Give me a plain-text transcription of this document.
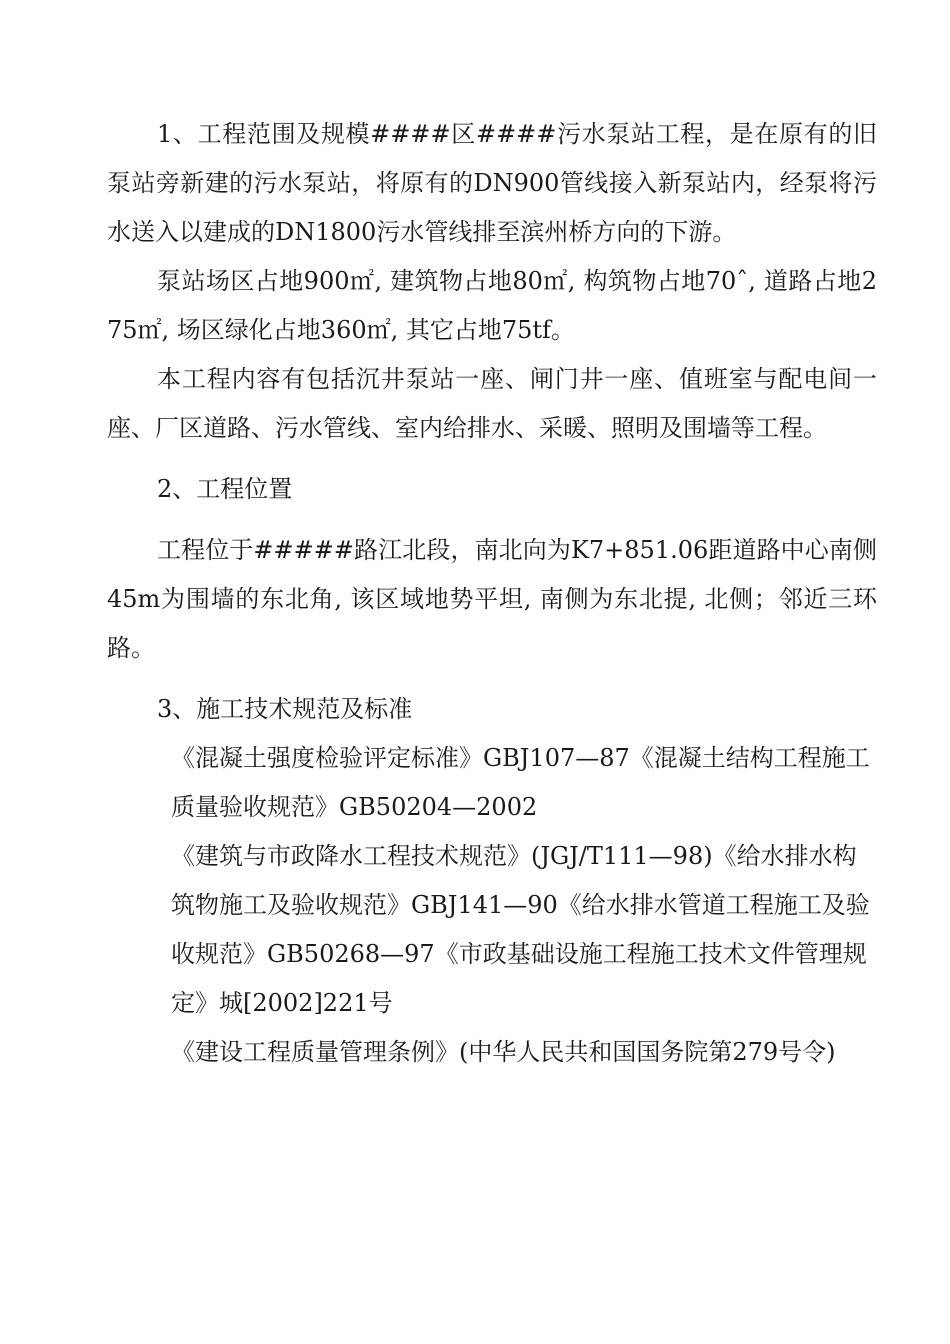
1、工程范围及规模####区####污水泵站工程，是在原有的旧泵站旁新建的污水泵站，将原有的DN900管线接入新泵站内，经泵将污水送入以建成的DN1800污水管线排至滨州桥方向的下游。

泵站场区占地900㎡, 建筑物占地80㎡, 构筑物占地70ˆ, 道路占地275㎡, 场区绿化占地360㎡, 其它占地75tf。

本工程内容有包括沉井泵站一座、闸门井一座、值班室与配电间一座、厂区道路、污水管线、室内给排水、采暖、照明及围墙等工程。

2、工程位置

工程位于#####路江北段，南北向为K7+851.06距道路中心南侧45m为围墙的东北角, 该区域地势平坦, 南侧为东北提, 北侧；邻近三环路。

3、施工技术规范及标准

《混凝土强度检验评定标准》GBJ107—87《混凝土结构工程施工质量验收规范》GB50204—2002

《建筑与市政降水工程技术规范》(JGJ/T111—98)《给水排水构筑物施工及验收规范》GBJ141—90《给水排水管道工程施工及验收规范》GB50268—97《市政基础设施工程施工技术文件管理规定》城[2002]221号

《建设工程质量管理条例》(中华人民共和国国务院第279号令)
